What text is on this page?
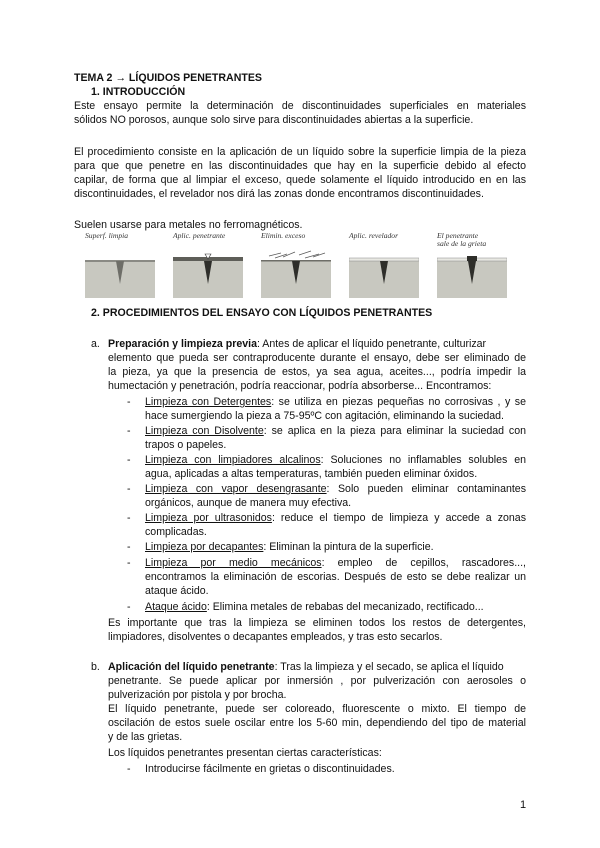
TEMA 2 → LÍQUIDOS PENETRANTES
1. INTRODUCCIÓN
Este ensayo permite la determinación de discontinuidades superficiales en materiales
sólidos NO porosos, aunque solo sirve para discontinuidades abiertas a la superficie.
El procedimiento consiste en la aplicación de un líquido sobre la superficie limpia de la pieza
para que que penetre en las discontinuidades que hay en la superficie debido al efecto
capilar, de forma que al limpiar el exceso, quede solamente el líquido introducido en en las
discontinuidades, el revelador nos dirá las zonas donde encontramos discontinuidades.
Suelen usarse para metales no ferromagnéticos.
Superf. limpia	Aplic. penetrante	Elimin. exceso	Aplic. revelador	El penetrante
sale de la grieta
2. PROCEDIMIENTOS DEL ENSAYO CON LÍQUIDOS PENETRANTES
a. Preparación y limpieza previa: Antes de aplicar el líquido penetrante, culturizar
elemento que pueda ser contraproducente durante el ensayo, debe ser eliminado de
la pieza, ya que la presencia de estos, ya sea agua, aceites..., podría impedir la
humectación y penetración, podría reaccionar, podría absorberse... Encontramos:
- Limpieza con Detergentes: se utiliza en piezas pequeñas no corrosivas , y se
hace sumergiendo la pieza a 75-95ºC con agitación, eliminando la suciedad.
- Limpieza con Disolvente: se aplica en la pieza para eliminar la suciedad con
trapos o papeles.
- Limpieza con limpiadores alcalinos: Soluciones no inflamables solubles en
agua, aplicadas a altas temperaturas, también pueden eliminar óxidos.
- Limpieza con vapor desengrasante: Solo pueden eliminar contaminantes
orgánicos, aunque de manera muy efectiva.
- Limpieza por ultrasonidos: reduce el tiempo de limpieza y accede a zonas
complicadas.
- Limpieza por decapantes: Eliminan la pintura de la superficie.
- Limpieza por medio mecánicos: empleo de cepillos, rascadores...,
encontramos la eliminación de escorias. Después de esto se debe realizar un
ataque ácido.
- Ataque ácido: Elimina metales de rebabas del mecanizado, rectificado...
Es importante que tras la limpieza se eliminen todos los restos de detergentes,
limpiadores, disolventes o decapantes empleados, y tras esto secarlos.
b. Aplicación del líquido penetrante: Tras la limpieza y el secado, se aplica el líquido
penetrante. Se puede aplicar por inmersión , por pulverización con aerosoles o
pulverización por pistola y por brocha.
El líquido penetrante, puede ser coloreado, fluorescente o mixto. El tiempo de
oscilación de estos suele oscilar entre los 5-60 min, dependiendo del tipo de material
y de las grietas.
Los líquidos penetrantes presentan ciertas características:
- Introducirse fácilmente en grietas o discontinuidades.
1
